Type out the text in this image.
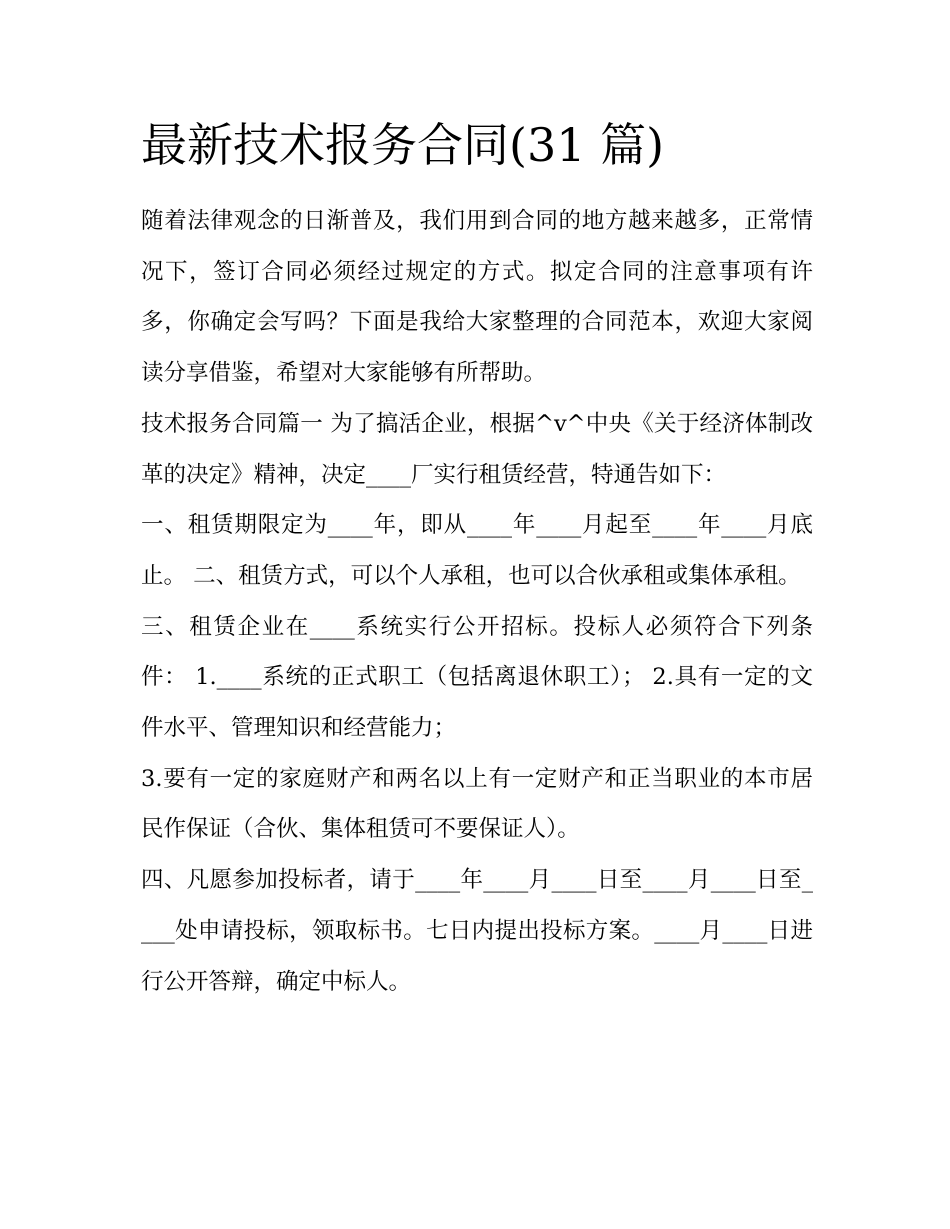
最新技术报务合同(31 篇)

随着法律观念的日渐普及，我们用到合同的地方越来越多，正常情况下，签订合同必须经过规定的方式。拟定合同的注意事项有许多，你确定会写吗？下面是我给大家整理的合同范本，欢迎大家阅读分享借鉴，希望对大家能够有所帮助。

技术报务合同篇一 为了搞活企业，根据^v^中央《关于经济体制改革的决定》精神，决定____厂实行租赁经营，特通告如下：

一、租赁期限定为____年，即从____年____月起至____年____月底止。 二、租赁方式，可以个人承租，也可以合伙承租或集体承租。

三、租赁企业在____系统实行公开招标。投标人必须符合下列条件： 1.____系统的正式职工（包括离退休职工）； 2.具有一定的文件水平、管理知识和经营能力；

3.要有一定的家庭财产和两名以上有一定财产和正当职业的本市居民作保证（合伙、集体租赁可不要保证人）。

四、凡愿参加投标者，请于____年____月____日至____月____日至____处申请投标，领取标书。七日内提出投标方案。____月____日进行公开答辩，确定中标人。
